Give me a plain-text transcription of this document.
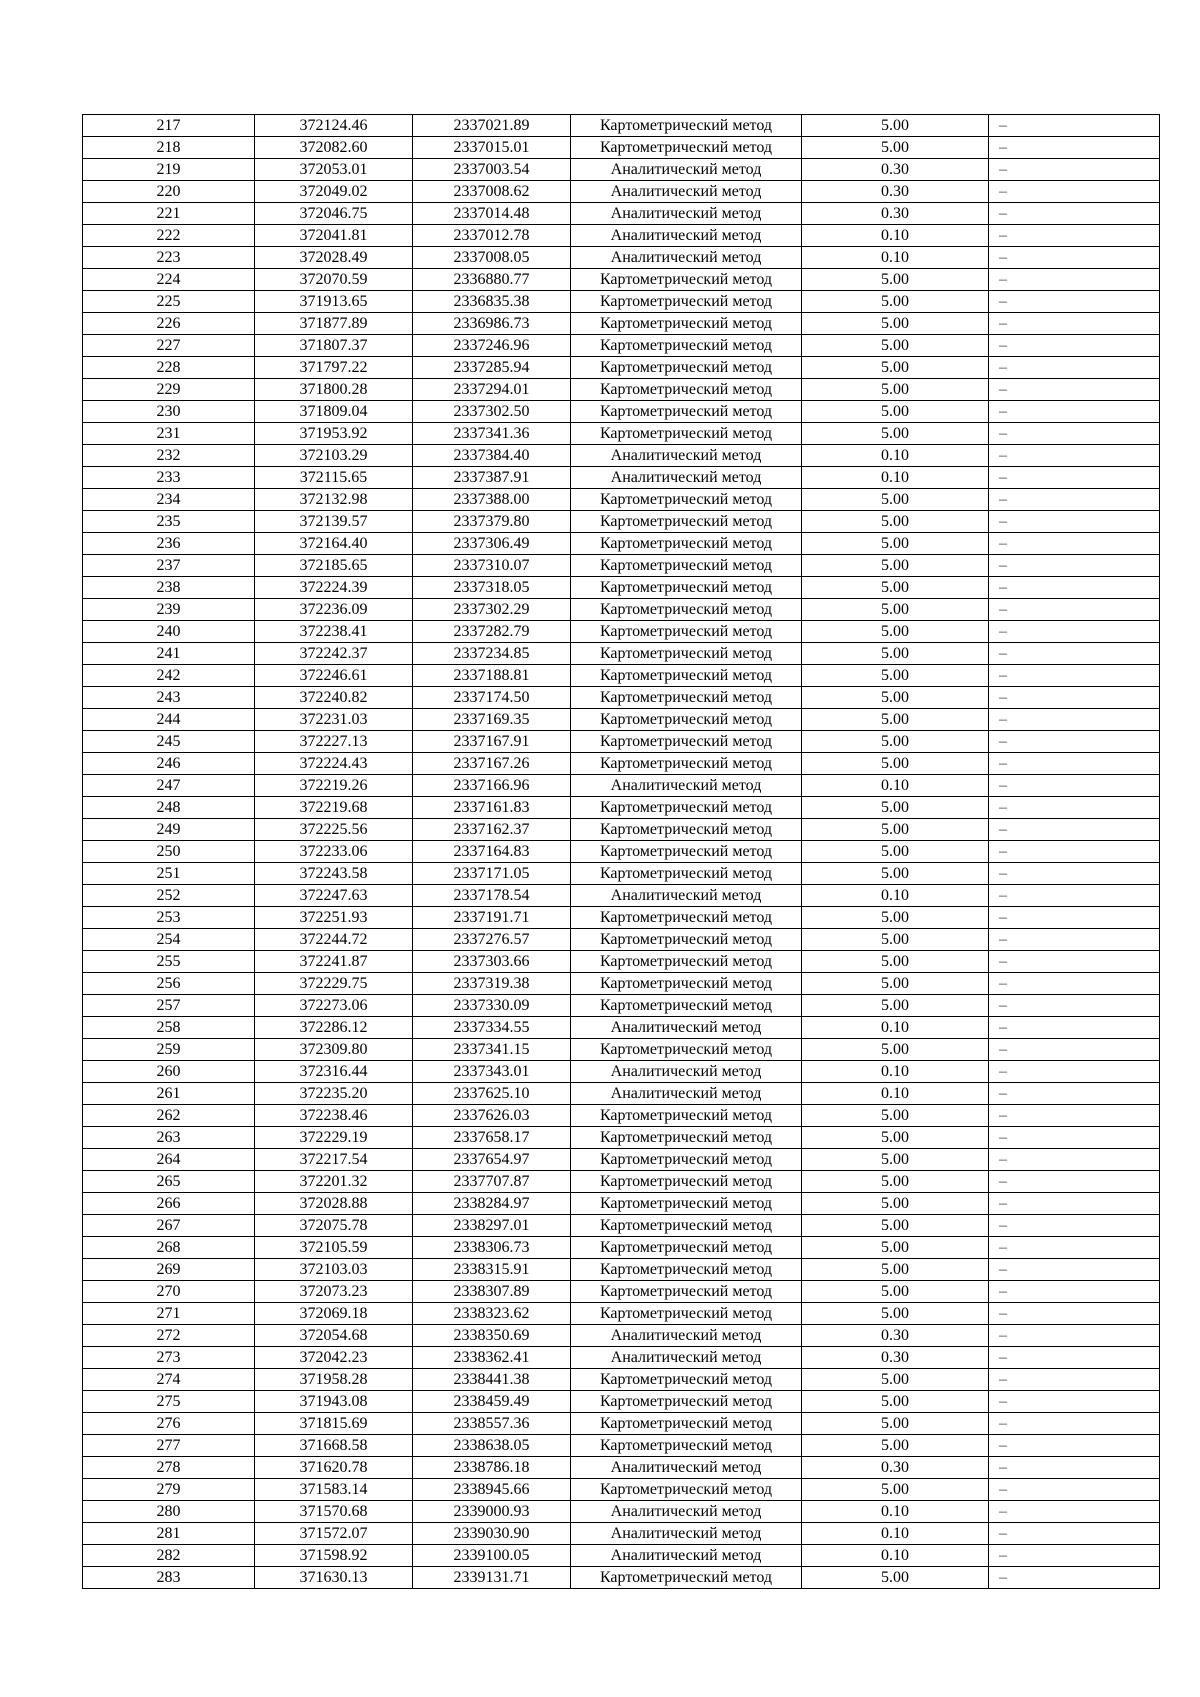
217	372124.46	2337021.89	Картометрический метод	5.00	–
218	372082.60	2337015.01	Картометрический метод	5.00	–
219	372053.01	2337003.54	Аналитический метод	0.30	–
220	372049.02	2337008.62	Аналитический метод	0.30	–
221	372046.75	2337014.48	Аналитический метод	0.30	–
222	372041.81	2337012.78	Аналитический метод	0.10	–
223	372028.49	2337008.05	Аналитический метод	0.10	–
224	372070.59	2336880.77	Картометрический метод	5.00	–
225	371913.65	2336835.38	Картометрический метод	5.00	–
226	371877.89	2336986.73	Картометрический метод	5.00	–
227	371807.37	2337246.96	Картометрический метод	5.00	–
228	371797.22	2337285.94	Картометрический метод	5.00	–
229	371800.28	2337294.01	Картометрический метод	5.00	–
230	371809.04	2337302.50	Картометрический метод	5.00	–
231	371953.92	2337341.36	Картометрический метод	5.00	–
232	372103.29	2337384.40	Аналитический метод	0.10	–
233	372115.65	2337387.91	Аналитический метод	0.10	–
234	372132.98	2337388.00	Картометрический метод	5.00	–
235	372139.57	2337379.80	Картометрический метод	5.00	–
236	372164.40	2337306.49	Картометрический метод	5.00	–
237	372185.65	2337310.07	Картометрический метод	5.00	–
238	372224.39	2337318.05	Картометрический метод	5.00	–
239	372236.09	2337302.29	Картометрический метод	5.00	–
240	372238.41	2337282.79	Картометрический метод	5.00	–
241	372242.37	2337234.85	Картометрический метод	5.00	–
242	372246.61	2337188.81	Картометрический метод	5.00	–
243	372240.82	2337174.50	Картометрический метод	5.00	–
244	372231.03	2337169.35	Картометрический метод	5.00	–
245	372227.13	2337167.91	Картометрический метод	5.00	–
246	372224.43	2337167.26	Картометрический метод	5.00	–
247	372219.26	2337166.96	Аналитический метод	0.10	–
248	372219.68	2337161.83	Картометрический метод	5.00	–
249	372225.56	2337162.37	Картометрический метод	5.00	–
250	372233.06	2337164.83	Картометрический метод	5.00	–
251	372243.58	2337171.05	Картометрический метод	5.00	–
252	372247.63	2337178.54	Аналитический метод	0.10	–
253	372251.93	2337191.71	Картометрический метод	5.00	–
254	372244.72	2337276.57	Картометрический метод	5.00	–
255	372241.87	2337303.66	Картометрический метод	5.00	–
256	372229.75	2337319.38	Картометрический метод	5.00	–
257	372273.06	2337330.09	Картометрический метод	5.00	–
258	372286.12	2337334.55	Аналитический метод	0.10	–
259	372309.80	2337341.15	Картометрический метод	5.00	–
260	372316.44	2337343.01	Аналитический метод	0.10	–
261	372235.20	2337625.10	Аналитический метод	0.10	–
262	372238.46	2337626.03	Картометрический метод	5.00	–
263	372229.19	2337658.17	Картометрический метод	5.00	–
264	372217.54	2337654.97	Картометрический метод	5.00	–
265	372201.32	2337707.87	Картометрический метод	5.00	–
266	372028.88	2338284.97	Картометрический метод	5.00	–
267	372075.78	2338297.01	Картометрический метод	5.00	–
268	372105.59	2338306.73	Картометрический метод	5.00	–
269	372103.03	2338315.91	Картометрический метод	5.00	–
270	372073.23	2338307.89	Картометрический метод	5.00	–
271	372069.18	2338323.62	Картометрический метод	5.00	–
272	372054.68	2338350.69	Аналитический метод	0.30	–
273	372042.23	2338362.41	Аналитический метод	0.30	–
274	371958.28	2338441.38	Картометрический метод	5.00	–
275	371943.08	2338459.49	Картометрический метод	5.00	–
276	371815.69	2338557.36	Картометрический метод	5.00	–
277	371668.58	2338638.05	Картометрический метод	5.00	–
278	371620.78	2338786.18	Аналитический метод	0.30	–
279	371583.14	2338945.66	Картометрический метод	5.00	–
280	371570.68	2339000.93	Аналитический метод	0.10	–
281	371572.07	2339030.90	Аналитический метод	0.10	–
282	371598.92	2339100.05	Аналитический метод	0.10	–
283	371630.13	2339131.71	Картометрический метод	5.00	–
